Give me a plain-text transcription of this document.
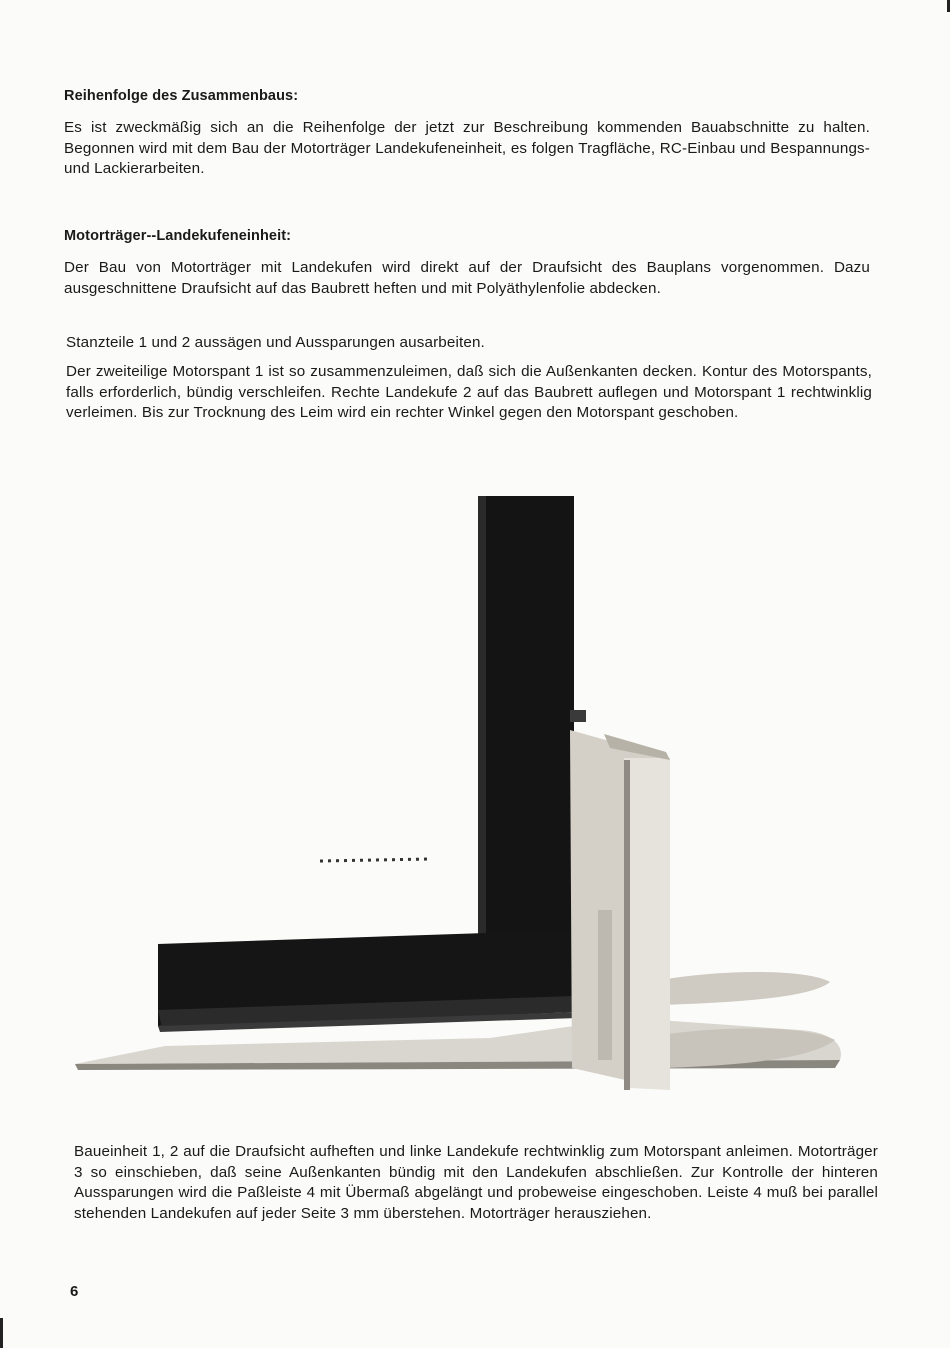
Reihenfolge des Zusammenbaus:

Es ist zweckmäßig sich an die Reihenfolge der jetzt zur Beschreibung kommenden Bauabschnitte zu halten. Begonnen wird mit dem Bau der Motorträger Landekufeneinheit, es folgen Tragfläche, RC-Einbau und Bespannungs- und Lackierarbeiten.

Motorträger--Landekufeneinheit:

Der Bau von Motorträger mit Landekufen wird direkt auf der Draufsicht des Bauplans vorgenommen. Dazu ausgeschnittene Draufsicht auf das Baubrett heften und mit Polyäthylenfolie abdecken.

Stanzteile 1 und 2 aussägen und Aussparungen ausarbeiten.

Der zweiteilige Motorspant 1 ist so zusammenzuleimen, daß sich die Außenkanten decken. Kontur des Motorspants, falls erforderlich, bündig verschleifen. Rechte Landekufe 2 auf das Baubrett auflegen und Motorspant 1 rechtwinklig verleimen. Bis zur Trocknung des Leim wird ein rechter Winkel gegen den Motorspant geschoben.

Baueinheit 1, 2 auf die Draufsicht aufheften und linke Landekufe rechtwinklig zum Motorspant anleimen. Motorträger 3 so einschieben, daß seine Außenkanten bündig mit den Landekufen abschließen. Zur Kontrolle der hinteren Aussparungen wird die Paßleiste 4 mit Übermaß abgelängt und probeweise eingeschoben. Leiste 4 muß bei parallel stehenden Landekufen auf jeder Seite 3 mm überstehen. Motorträger herausziehen.

6
